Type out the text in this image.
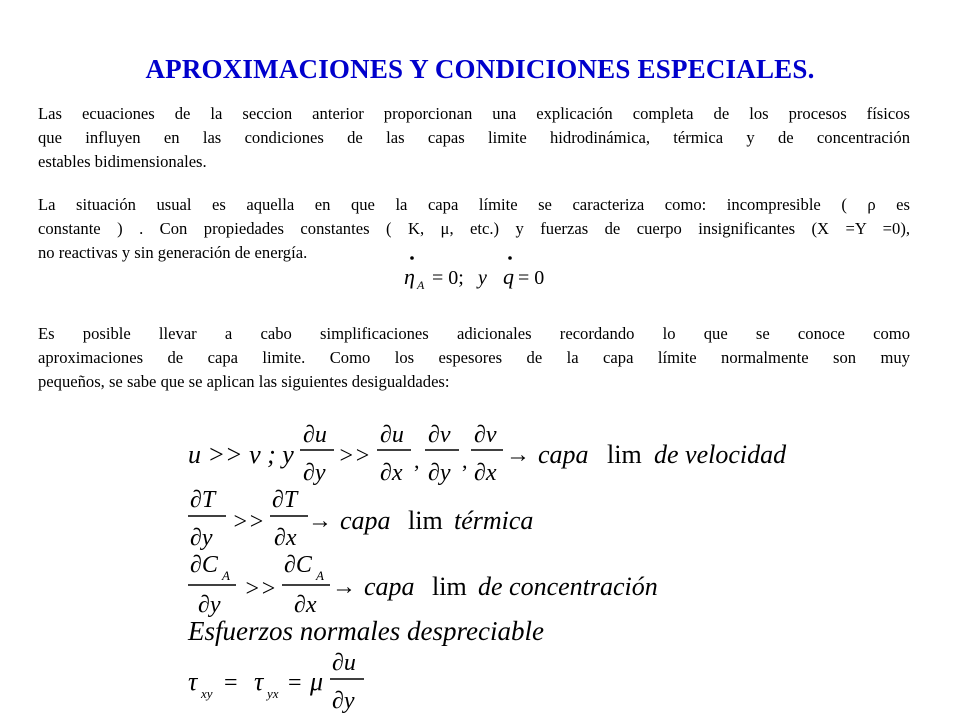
APROXIMACIONES Y CONDICIONES ESPECIALES.
Las ecuaciones de la seccion anterior proporcionan una explicación completa de los procesos físicos
que influyen en las condiciones de las capas limite hidrodinámica, térmica y de concentración
estables bidimensionales.
La situación usual es aquella en que la capa límite se caracteriza como: incompresible ( ρ es
constante ) . Con propiedades constantes ( K, μ, etc.) y fuerzas de cuerpo insignificantes (X =Y =0),
no reactivas y sin generación de energía.
η A = 0; y q = 0
Es posible llevar a cabo simplificaciones adicionales recordando lo que se conoce como
aproximaciones de capa limite. Como los espesores de la capa límite normalmente son muy
pequeños, se sabe que se aplican las siguientes desigualdades:
u >> v ; y
∂u
∂y
>>
∂u
∂x ,
∂v
∂y ,
∂v
∂x
→ capa lim de velocidad
∂T
∂y
>>
∂T
∂x
→ capa lim térmica
∂C A
∂y
>>
∂C A
∂x
→ capa lim de concentración
Esfuerzos normales despreciable
τ xy = τ yx = μ
∂u
∂y
